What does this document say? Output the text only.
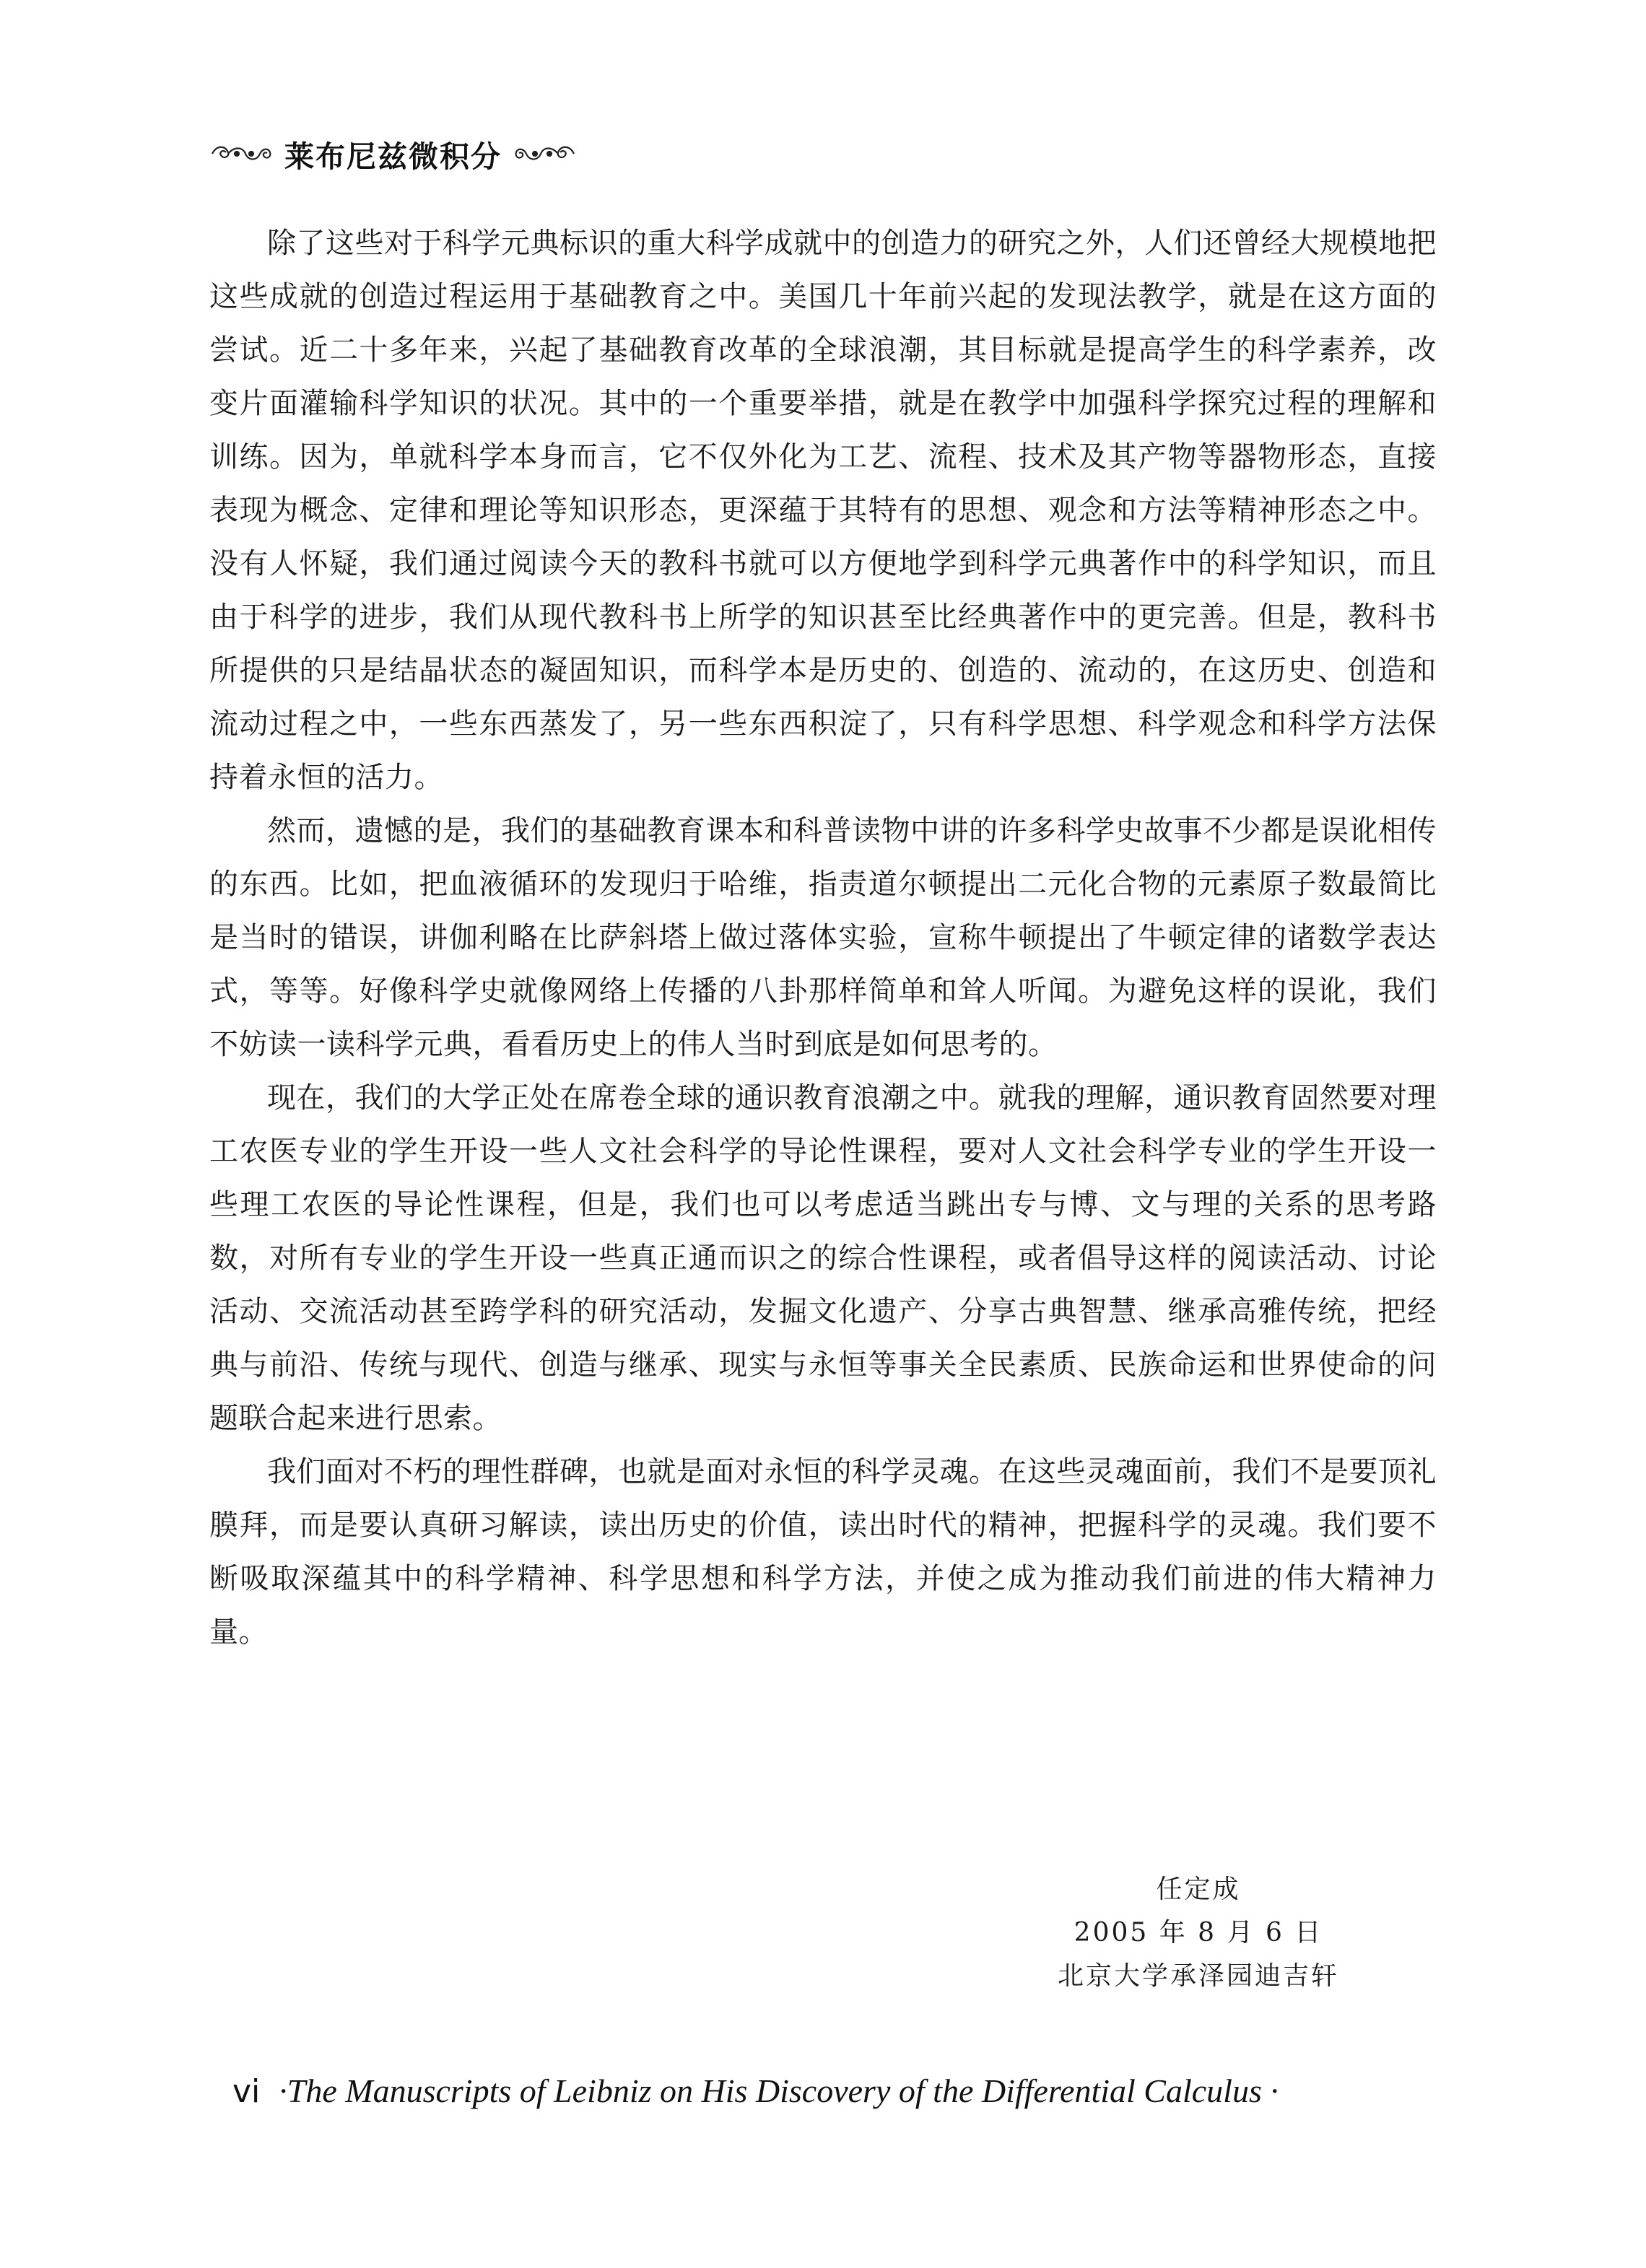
莱布尼兹微积分

除了这些对于科学元典标识的重大科学成就中的创造力的研究之外，人们还曾经大规模地把这些成就的创造过程运用于基础教育之中。美国几十年前兴起的发现法教学，就是在这方面的尝试。近二十多年来，兴起了基础教育改革的全球浪潮，其目标就是提高学生的科学素养，改变片面灌输科学知识的状况。其中的一个重要举措，就是在教学中加强科学探究过程的理解和训练。因为，单就科学本身而言，它不仅外化为工艺、流程、技术及其产物等器物形态，直接表现为概念、定律和理论等知识形态，更深蕴于其特有的思想、观念和方法等精神形态之中。没有人怀疑，我们通过阅读今天的教科书就可以方便地学到科学元典著作中的科学知识，而且由于科学的进步，我们从现代教科书上所学的知识甚至比经典著作中的更完善。但是，教科书所提供的只是结晶状态的凝固知识，而科学本是历史的、创造的、流动的，在这历史、创造和流动过程之中，一些东西蒸发了，另一些东西积淀了，只有科学思想、科学观念和科学方法保持着永恒的活力。

然而，遗憾的是，我们的基础教育课本和科普读物中讲的许多科学史故事不少都是误讹相传的东西。比如，把血液循环的发现归于哈维，指责道尔顿提出二元化合物的元素原子数最简比是当时的错误，讲伽利略在比萨斜塔上做过落体实验，宣称牛顿提出了牛顿定律的诸数学表达式，等等。好像科学史就像网络上传播的八卦那样简单和耸人听闻。为避免这样的误讹，我们不妨读一读科学元典，看看历史上的伟人当时到底是如何思考的。

现在，我们的大学正处在席卷全球的通识教育浪潮之中。就我的理解，通识教育固然要对理工农医专业的学生开设一些人文社会科学的导论性课程，要对人文社会科学专业的学生开设一些理工农医的导论性课程，但是，我们也可以考虑适当跳出专与博、文与理的关系的思考路数，对所有专业的学生开设一些真正通而识之的综合性课程，或者倡导这样的阅读活动、讨论活动、交流活动甚至跨学科的研究活动，发掘文化遗产、分享古典智慧、继承高雅传统，把经典与前沿、传统与现代、创造与继承、现实与永恒等事关全民素质、民族命运和世界使命的问题联合起来进行思索。

我们面对不朽的理性群碑，也就是面对永恒的科学灵魂。在这些灵魂面前，我们不是要顶礼膜拜，而是要认真研习解读，读出历史的价值，读出时代的精神，把握科学的灵魂。我们要不断吸取深蕴其中的科学精神、科学思想和科学方法，并使之成为推动我们前进的伟大精神力量。

任定成
2005 年 8 月 6 日
北京大学承泽园迪吉轩
vi ·The Manuscripts of Leibniz on His Discovery of the Differential Calculus ·
